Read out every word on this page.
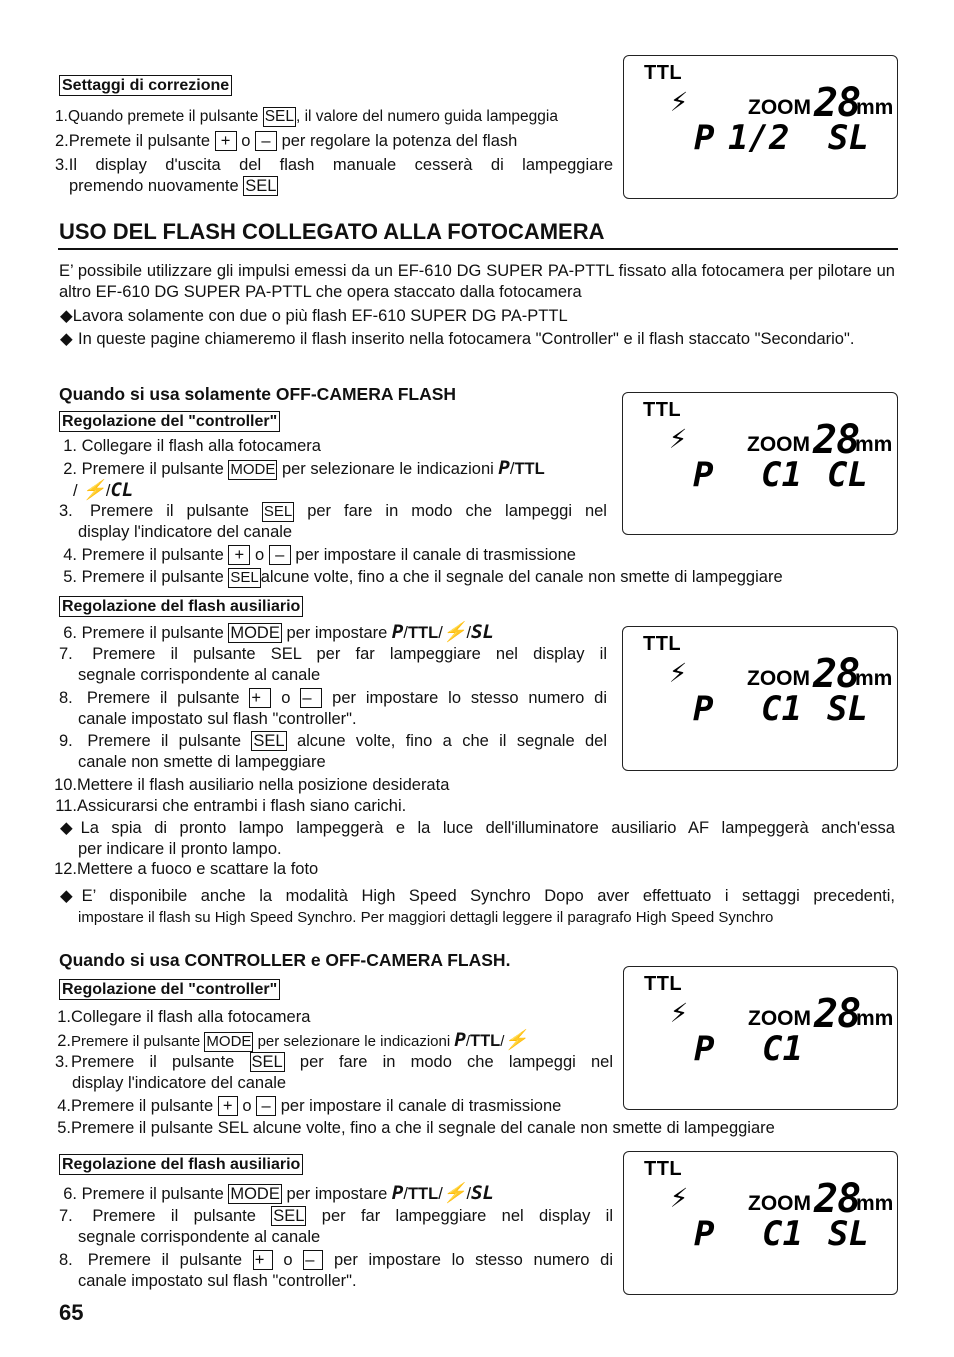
Settaggi di correzione
1.Quando premete il pulsante SEL , il valore del numero guida lampeggia
2.Premete il pulsante + o – per regolare la potenza del flash
3.Il display d'uscita del flash manuale cesserà di lampeggiare
premendo nuovamente SEL
USO DEL FLASH COLLEGATO ALLA FOTOCAMERA
E’ possibile utilizzare gli impulsi emessi da un EF-610 DG SUPER PA-PTTL fissato alla fotocamera per pilotare un altro EF-610 DG SUPER PA-PTTL che opera staccato dalla fotocamera
◆Lavora solamente con due o più flash EF-610 SUPER DG PA-PTTL
◆ In queste pagine chiameremo il flash inserito nella fotocamera "Controller" e il flash staccato "Secondario".
Quando si usa solamente OFF-CAMERA FLASH
Regolazione del "controller"
1. Collegare il flash alla fotocamera
2. Premere il pulsante MODE per selezionare le indicazioni P/TTL
/ ⚡/CL
3. Premere il pulsante SEL per fare in modo che lampeggi nel
display l'indicatore del canale
4. Premere il pulsante + o – per impostare il canale di trasmissione
5. Premere il pulsante SEL alcune volte, fino a che il segnale del canale non smette di lampeggiare
Regolazione del flash ausiliario
6. Premere il pulsante MODE per impostare P/TTL/⚡/SL
7. Premere il pulsante SEL per far lampeggiare nel display il
segnale corrispondente al canale
8. Premere il pulsante + o – per impostare lo stesso numero di
canale impostato sul flash "controller".
9. Premere il pulsante SEL alcune volte, fino a che il segnale del
canale non smette di lampeggiare
10.Mettere il flash ausiliario nella posizione desiderata
11.Assicurarsi che entrambi i flash siano carichi.
◆La spia di pronto lampo lampeggerà e la luce dell'illuminatore ausiliario AF lampeggerà anch'essa
per indicare il pronto lampo.
12.Mettere a fuoco e scattare la foto
◆E’ disponibile anche la modalità High Speed Synchro Dopo aver effettuato i settaggi precedenti,
impostare il flash su High Speed Synchro. Per maggiori dettagli leggere il paragrafo High Speed Synchro
Quando si usa CONTROLLER e OFF-CAMERA FLASH.
Regolazione del "controller"
1.Collegare il flash alla fotocamera
2.Premere il pulsante MODE per selezionare le indicazioni P/TTL/⚡
3. Premere il pulsante SEL per fare in modo che lampeggi nel
display l'indicatore del canale
4.Premere il pulsante + o – per impostare il canale di trasmissione
5.Premere il pulsante SEL alcune volte, fino a che il segnale del canale non smette di lampeggiare
Regolazione del flash ausiliario
6. Premere il pulsante MODE per impostare P/TTL/⚡/SL
7. Premere il pulsante SEL per far lampeggiare nel display il
segnale corrispondente al canale
8. Premere il pulsante + o – per impostare lo stesso numero di
canale impostato sul flash "controller".
65
TTL
⚡	ZOOM 28
mm
P 1/2 SL
TTL
⚡	ZOOM 28
mm
P C1 CL
TTL
⚡	ZOOM 28
mm
P C1 SL
TTL
⚡	ZOOM 28
mm
P C1
TTL
⚡	ZOOM 28
mm
P C1 SL
